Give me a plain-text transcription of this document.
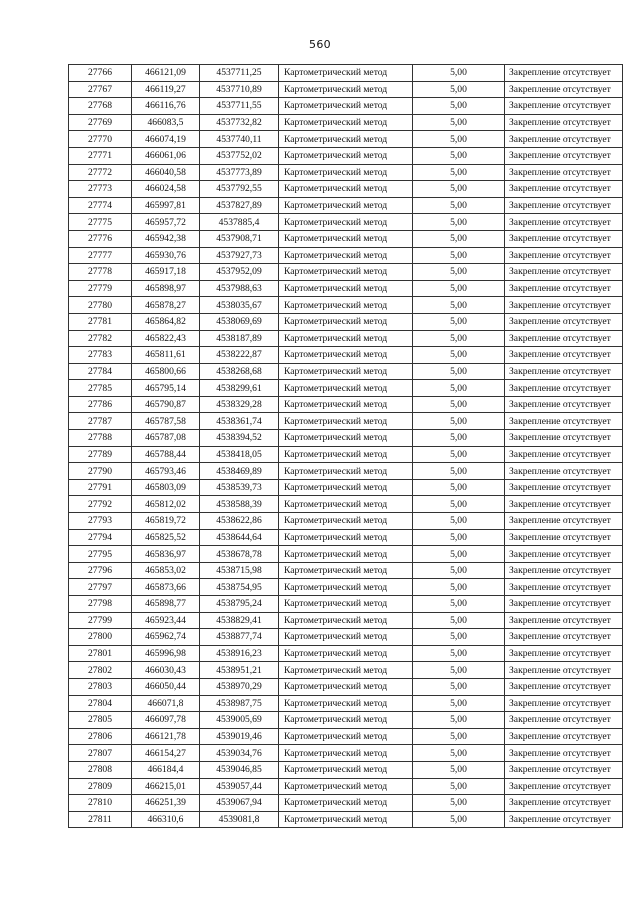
560
27766	466121,09	4537711,25	Картометрический метод	5,00	Закрепление отсутствует
27767	466119,27	4537710,89	Картометрический метод	5,00	Закрепление отсутствует
27768	466116,76	4537711,55	Картометрический метод	5,00	Закрепление отсутствует
27769	466083,5	4537732,82	Картометрический метод	5,00	Закрепление отсутствует
27770	466074,19	4537740,11	Картометрический метод	5,00	Закрепление отсутствует
27771	466061,06	4537752,02	Картометрический метод	5,00	Закрепление отсутствует
27772	466040,58	4537773,89	Картометрический метод	5,00	Закрепление отсутствует
27773	466024,58	4537792,55	Картометрический метод	5,00	Закрепление отсутствует
27774	465997,81	4537827,89	Картометрический метод	5,00	Закрепление отсутствует
27775	465957,72	4537885,4	Картометрический метод	5,00	Закрепление отсутствует
27776	465942,38	4537908,71	Картометрический метод	5,00	Закрепление отсутствует
27777	465930,76	4537927,73	Картометрический метод	5,00	Закрепление отсутствует
27778	465917,18	4537952,09	Картометрический метод	5,00	Закрепление отсутствует
27779	465898,97	4537988,63	Картометрический метод	5,00	Закрепление отсутствует
27780	465878,27	4538035,67	Картометрический метод	5,00	Закрепление отсутствует
27781	465864,82	4538069,69	Картометрический метод	5,00	Закрепление отсутствует
27782	465822,43	4538187,89	Картометрический метод	5,00	Закрепление отсутствует
27783	465811,61	4538222,87	Картометрический метод	5,00	Закрепление отсутствует
27784	465800,66	4538268,68	Картометрический метод	5,00	Закрепление отсутствует
27785	465795,14	4538299,61	Картометрический метод	5,00	Закрепление отсутствует
27786	465790,87	4538329,28	Картометрический метод	5,00	Закрепление отсутствует
27787	465787,58	4538361,74	Картометрический метод	5,00	Закрепление отсутствует
27788	465787,08	4538394,52	Картометрический метод	5,00	Закрепление отсутствует
27789	465788,44	4538418,05	Картометрический метод	5,00	Закрепление отсутствует
27790	465793,46	4538469,89	Картометрический метод	5,00	Закрепление отсутствует
27791	465803,09	4538539,73	Картометрический метод	5,00	Закрепление отсутствует
27792	465812,02	4538588,39	Картометрический метод	5,00	Закрепление отсутствует
27793	465819,72	4538622,86	Картометрический метод	5,00	Закрепление отсутствует
27794	465825,52	4538644,64	Картометрический метод	5,00	Закрепление отсутствует
27795	465836,97	4538678,78	Картометрический метод	5,00	Закрепление отсутствует
27796	465853,02	4538715,98	Картометрический метод	5,00	Закрепление отсутствует
27797	465873,66	4538754,95	Картометрический метод	5,00	Закрепление отсутствует
27798	465898,77	4538795,24	Картометрический метод	5,00	Закрепление отсутствует
27799	465923,44	4538829,41	Картометрический метод	5,00	Закрепление отсутствует
27800	465962,74	4538877,74	Картометрический метод	5,00	Закрепление отсутствует
27801	465996,98	4538916,23	Картометрический метод	5,00	Закрепление отсутствует
27802	466030,43	4538951,21	Картометрический метод	5,00	Закрепление отсутствует
27803	466050,44	4538970,29	Картометрический метод	5,00	Закрепление отсутствует
27804	466071,8	4538987,75	Картометрический метод	5,00	Закрепление отсутствует
27805	466097,78	4539005,69	Картометрический метод	5,00	Закрепление отсутствует
27806	466121,78	4539019,46	Картометрический метод	5,00	Закрепление отсутствует
27807	466154,27	4539034,76	Картометрический метод	5,00	Закрепление отсутствует
27808	466184,4	4539046,85	Картометрический метод	5,00	Закрепление отсутствует
27809	466215,01	4539057,44	Картометрический метод	5,00	Закрепление отсутствует
27810	466251,39	4539067,94	Картометрический метод	5,00	Закрепление отсутствует
27811	466310,6	4539081,8	Картометрический метод	5,00	Закрепление отсутствует
